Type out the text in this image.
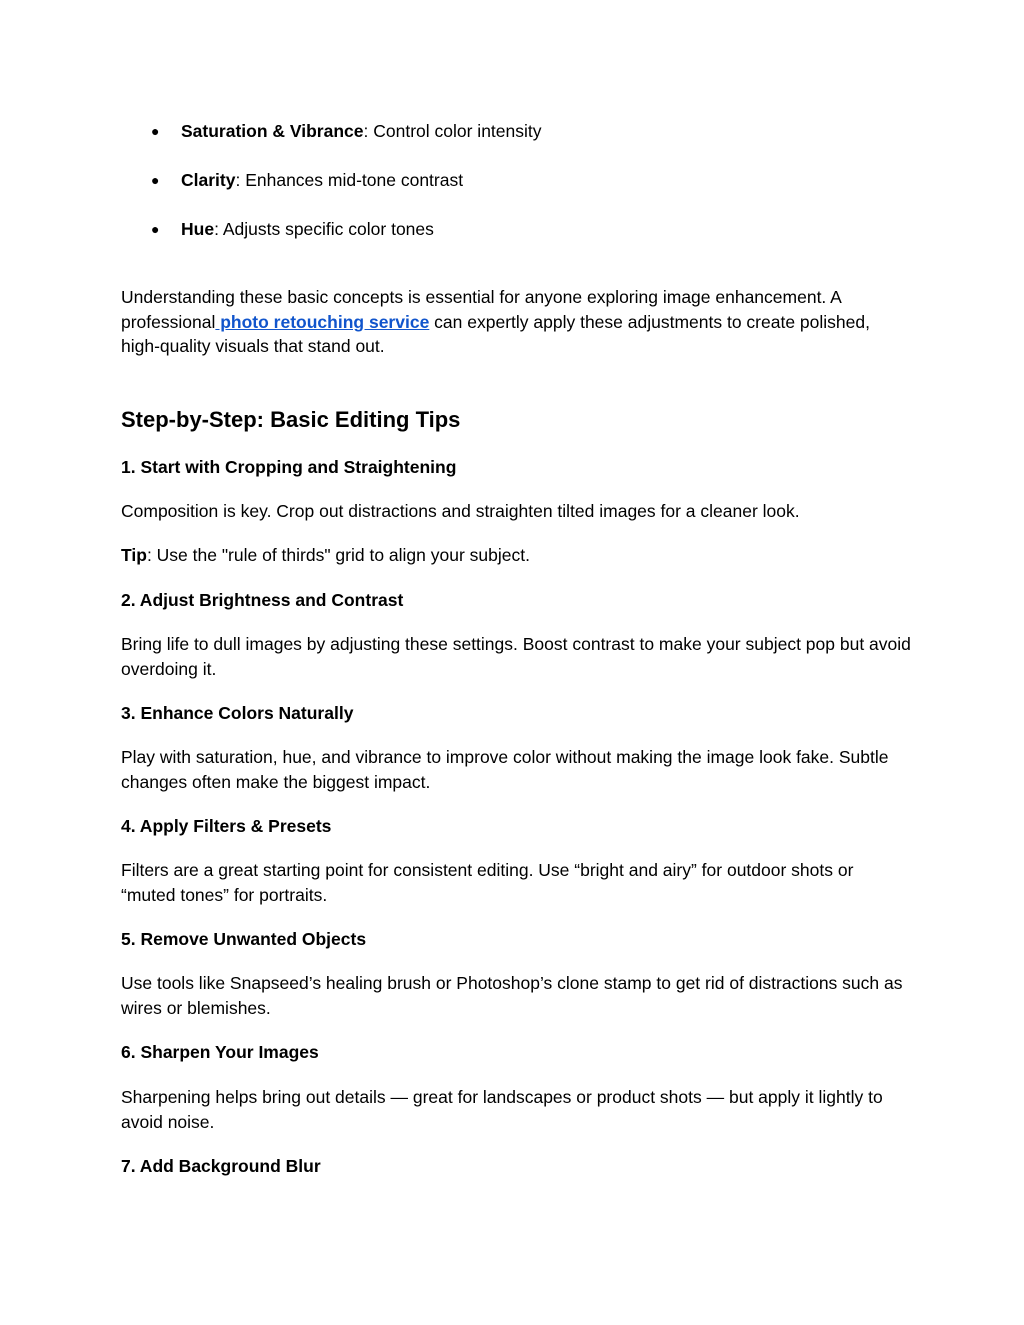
● Saturation & Vibrance: Control color intensity
● Clarity: Enhances mid-tone contrast
● Hue: Adjusts specific color tones

Understanding these basic concepts is essential for anyone exploring image enhancement. A professional photo retouching service can expertly apply these adjustments to create polished, high-quality visuals that stand out.

Step-by-Step: Basic Editing Tips
1. Start with Cropping and Straightening

Composition is key. Crop out distractions and straighten tilted images for a cleaner look.

Tip: Use the "rule of thirds" grid to align your subject.

2. Adjust Brightness and Contrast

Bring life to dull images by adjusting these settings. Boost contrast to make your subject pop but avoid overdoing it.

3. Enhance Colors Naturally

Play with saturation, hue, and vibrance to improve color without making the image look fake. Subtle changes often make the biggest impact.

4. Apply Filters & Presets

Filters are a great starting point for consistent editing. Use “bright and airy” for outdoor shots or “muted tones” for portraits.

5. Remove Unwanted Objects

Use tools like Snapseed’s healing brush or Photoshop’s clone stamp to get rid of distractions such as wires or blemishes.

6. Sharpen Your Images

Sharpening helps bring out details — great for landscapes or product shots — but apply it lightly to avoid noise.

7. Add Background Blur
